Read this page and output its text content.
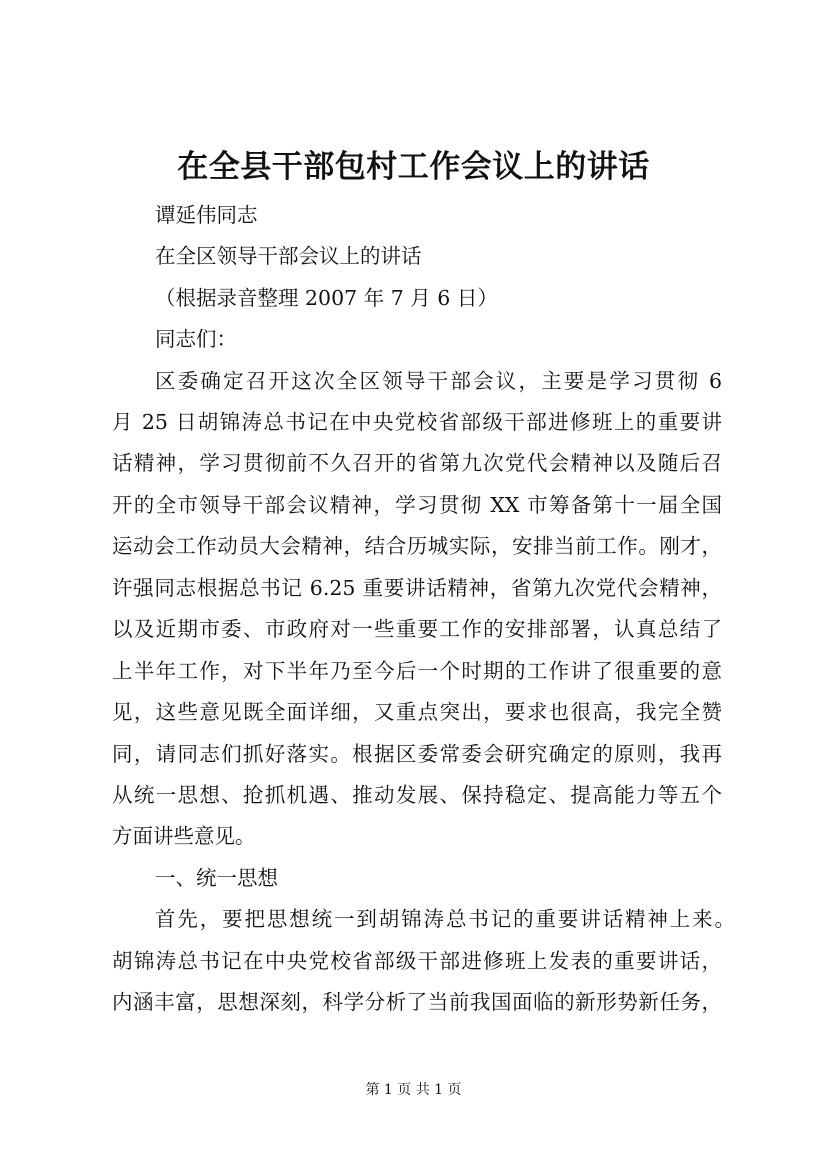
在全县干部包村工作会议上的讲话
谭延伟同志
在全区领导干部会议上的讲话
（根据录音整理 2007 年 7 月 6 日）
同志们：
区委确定召开这次全区领导干部会议，主要是学习贯彻 6
月 25 日胡锦涛总书记在中央党校省部级干部进修班上的重要讲
话精神，学习贯彻前不久召开的省第九次党代会精神以及随后召
开的全市领导干部会议精神，学习贯彻 XX 市筹备第十一届全国
运动会工作动员大会精神，结合历城实际，安排当前工作。刚才，
许强同志根据总书记 6.25 重要讲话精神，省第九次党代会精神，
以及近期市委、市政府对一些重要工作的安排部署，认真总结了
上半年工作，对下半年乃至今后一个时期的工作讲了很重要的意
见，这些意见既全面详细，又重点突出，要求也很高，我完全赞
同，请同志们抓好落实。根据区委常委会研究确定的原则，我再
从统一思想、抢抓机遇、推动发展、保持稳定、提高能力等五个
方面讲些意见。
一、统一思想
首先，要把思想统一到胡锦涛总书记的重要讲话精神上来。
胡锦涛总书记在中央党校省部级干部进修班上发表的重要讲话，
内涵丰富，思想深刻，科学分析了当前我国面临的新形势新任务，
第 1 页 共 1 页
